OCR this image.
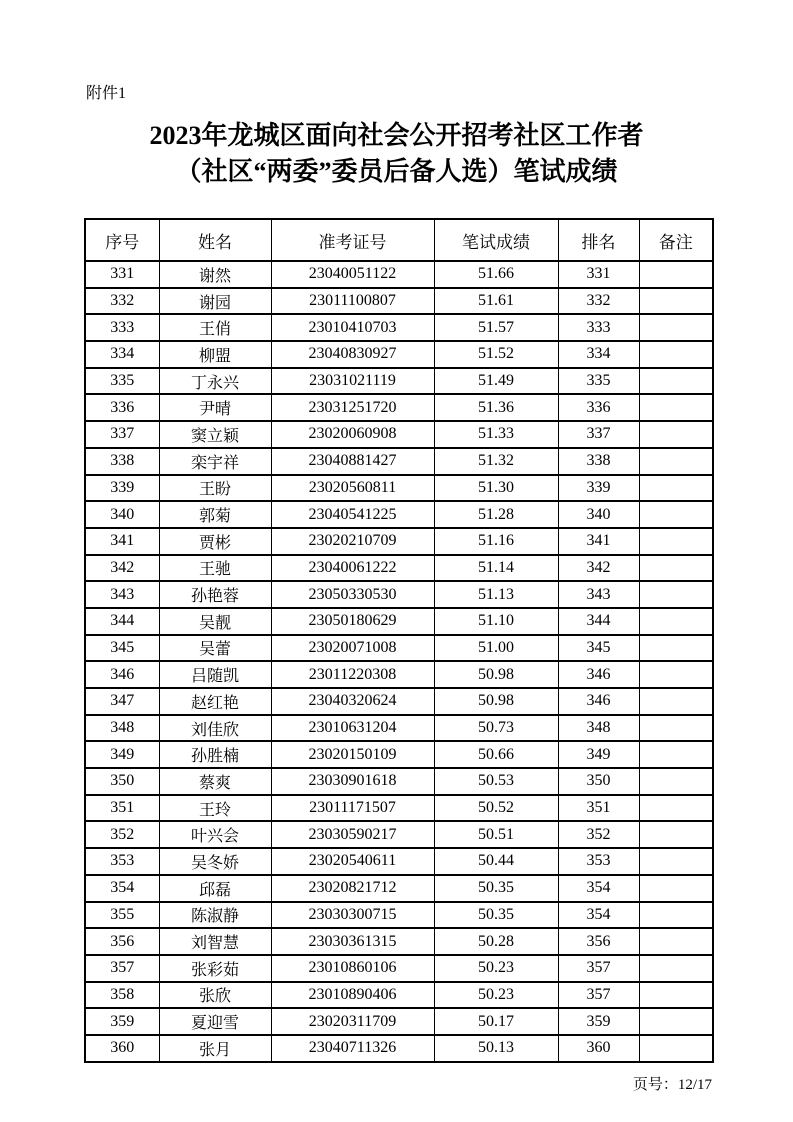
附件1
2023年龙城区面向社会公开招考社区工作者
（社区“两委”委员后备人选）笔试成绩
序号	姓名	准考证号	笔试成绩	排名	备注
331	谢然	23040051122	51.66	331	
332	谢园	23011100807	51.61	332	
333	王俏	23010410703	51.57	333	
334	柳盟	23040830927	51.52	334	
335	丁永兴	23031021119	51.49	335	
336	尹晴	23031251720	51.36	336	
337	窦立颖	23020060908	51.33	337	
338	栾宇祥	23040881427	51.32	338	
339	王盼	23020560811	51.30	339	
340	郭菊	23040541225	51.28	340	
341	贾彬	23020210709	51.16	341	
342	王驰	23040061222	51.14	342	
343	孙艳蓉	23050330530	51.13	343	
344	吴靓	23050180629	51.10	344	
345	吴蕾	23020071008	51.00	345	
346	吕随凯	23011220308	50.98	346	
347	赵红艳	23040320624	50.98	346	
348	刘佳欣	23010631204	50.73	348	
349	孙胜楠	23020150109	50.66	349	
350	蔡爽	23030901618	50.53	350	
351	王玲	23011171507	50.52	351	
352	叶兴会	23030590217	50.51	352	
353	吴冬娇	23020540611	50.44	353	
354	邱磊	23020821712	50.35	354	
355	陈淑静	23030300715	50.35	354	
356	刘智慧	23030361315	50.28	356	
357	张彩茹	23010860106	50.23	357	
358	张欣	23010890406	50.23	357	
359	夏迎雪	23020311709	50.17	359	
360	张月	23040711326	50.13	360	
页号：12/17
